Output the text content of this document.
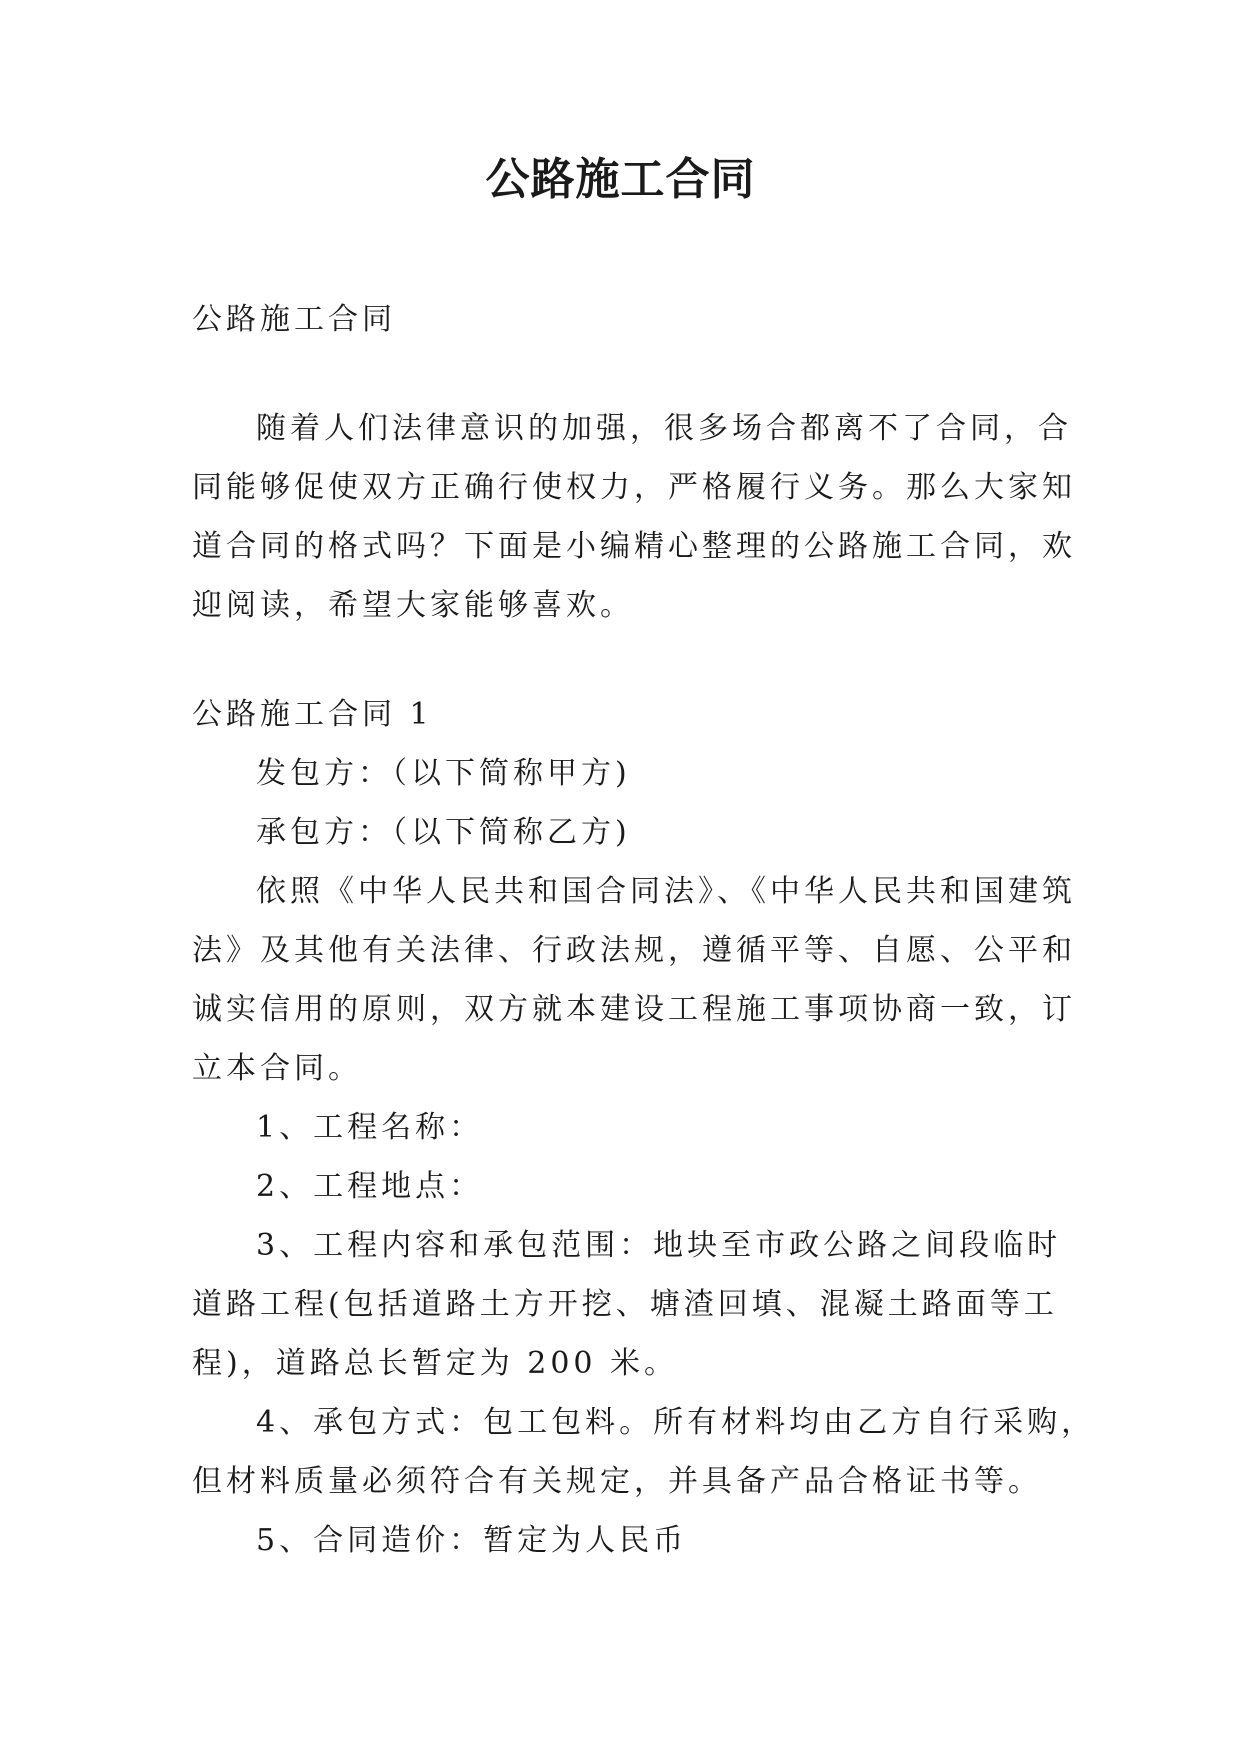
公路施工合同

公路施工合同

随着人们法律意识的加强，很多场合都离不了合同，合

同能够促使双方正确行使权力，严格履行义务。那么大家知

道合同的格式吗？下面是小编精心整理的公路施工合同，欢

迎阅读，希望大家能够喜欢。

公路施工合同 1

发包方：（以下简称甲方)

承包方：（以下简称乙方)

依照《中华人民共和国合同法》、《中华人民共和国建筑

法》及其他有关法律、行政法规，遵循平等、自愿、公平和

诚实信用的原则，双方就本建设工程施工事项协商一致，订

立本合同。

1、工程名称：

2、工程地点：

3、工程内容和承包范围：地块至市政公路之间段临时

道路工程(包括道路土方开挖、塘渣回填、混凝土路面等工

程)，道路总长暂定为 200 米。

4、承包方式：包工包料。所有材料均由乙方自行采购，

但材料质量必须符合有关规定，并具备产品合格证书等。

5、合同造价：暂定为人民币
